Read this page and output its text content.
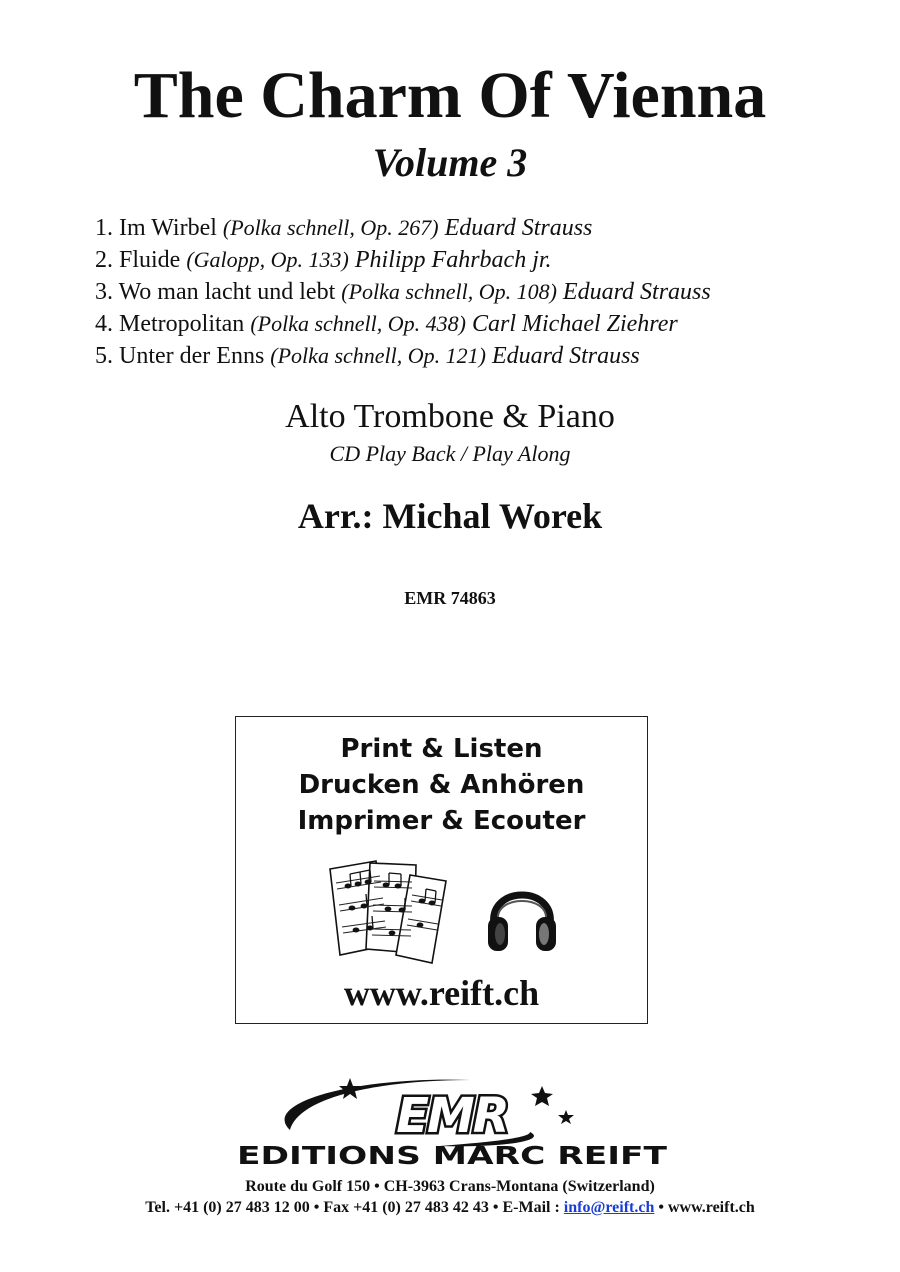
The Charm Of Vienna
Volume 3
1. Im Wirbel (Polka schnell, Op. 267) Eduard Strauss
2. Fluide (Galopp, Op. 133) Philipp Fahrbach jr.
3. Wo man lacht und lebt (Polka schnell, Op. 108) Eduard Strauss
4. Metropolitan (Polka schnell, Op. 438) Carl Michael Ziehrer
5. Unter der Enns (Polka schnell, Op. 121) Eduard Strauss
Alto Trombone & Piano
CD Play Back / Play Along
Arr.: Michal Worek
EMR 74863
Print & Listen
Drucken & Anhören
Imprimer & Ecouter
www.reift.ch
EMR
EDITIONS MARC REIFT
Route du Golf 150 • CH-3963 Crans-Montana (Switzerland)
Tel. +41 (0) 27 483 12 00 • Fax +41 (0) 27 483 42 43 • E-Mail : info@reift.ch • www.reift.ch
